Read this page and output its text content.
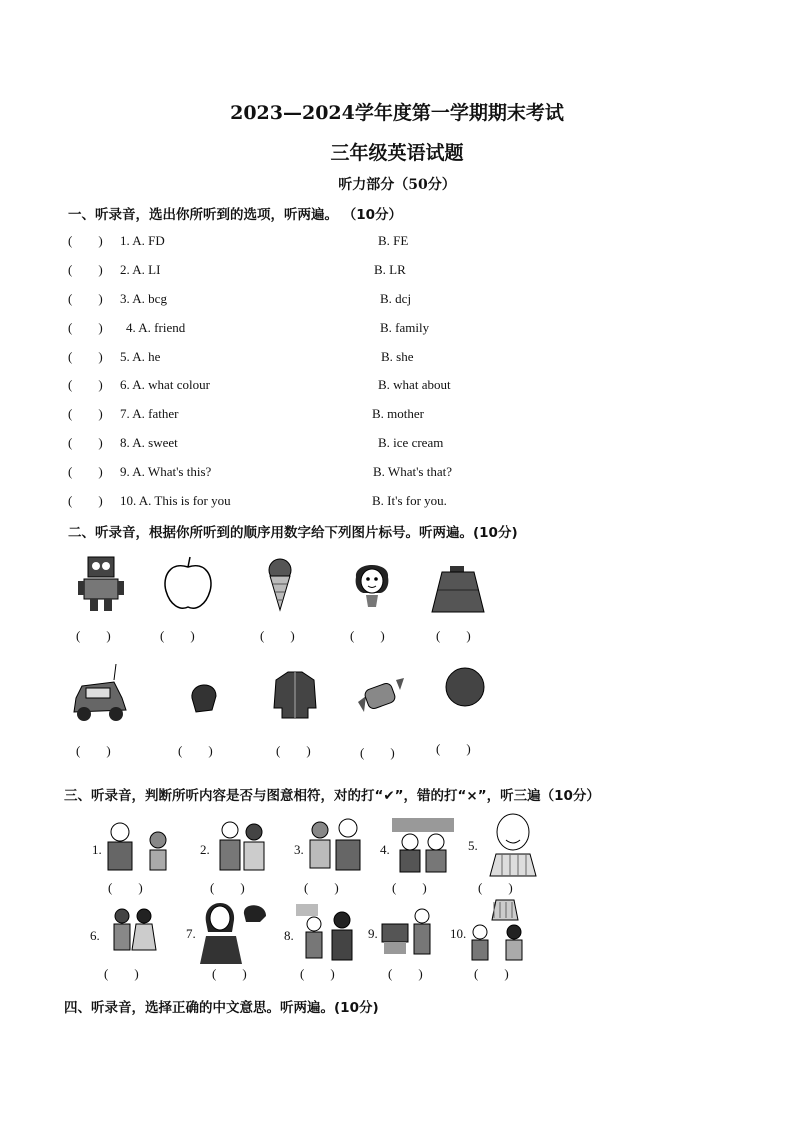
2023—2024学年度第一学期期末考试
三年级英语试题
听力部分（50分）
一、听录音，选出你所听到的选项，听两遍。 （10分）
(        ) 1. A. FD	B. FE
(        ) 2. A. LI	B. LR
(        ) 3. A. bcg	B. dcj
(        ) 4. A. friend	B. family
(        ) 5. A. he	B. she
(        ) 6. A. what colour	B. what about
(        ) 7. A. father	B. mother
(        ) 8. A. sweet	B. ice cream
(        ) 9. A. What's this?	B. What's that?
(        ) 10. A. This is for you	B. It's for you.
二、听录音，根据你所听到的顺序用数字给下列图片标号。听两遍。(10分)
(        )	(        )	(        )	(        )	(        )
(        )	(        )	(        )	(        )	(        )
三、听录音，判断所听内容是否与图意相符，对的打“✔”，错的打“×”，听三遍（10分）
1.
(        )
2.
(        )
3.
(        )
4.
(        )
5.
(        )
6.
(        )
7.
(        )
8.
(        )
9.
(        )
10.
(        )
四、听录音，选择正确的中文意思。听两遍。(10分)
